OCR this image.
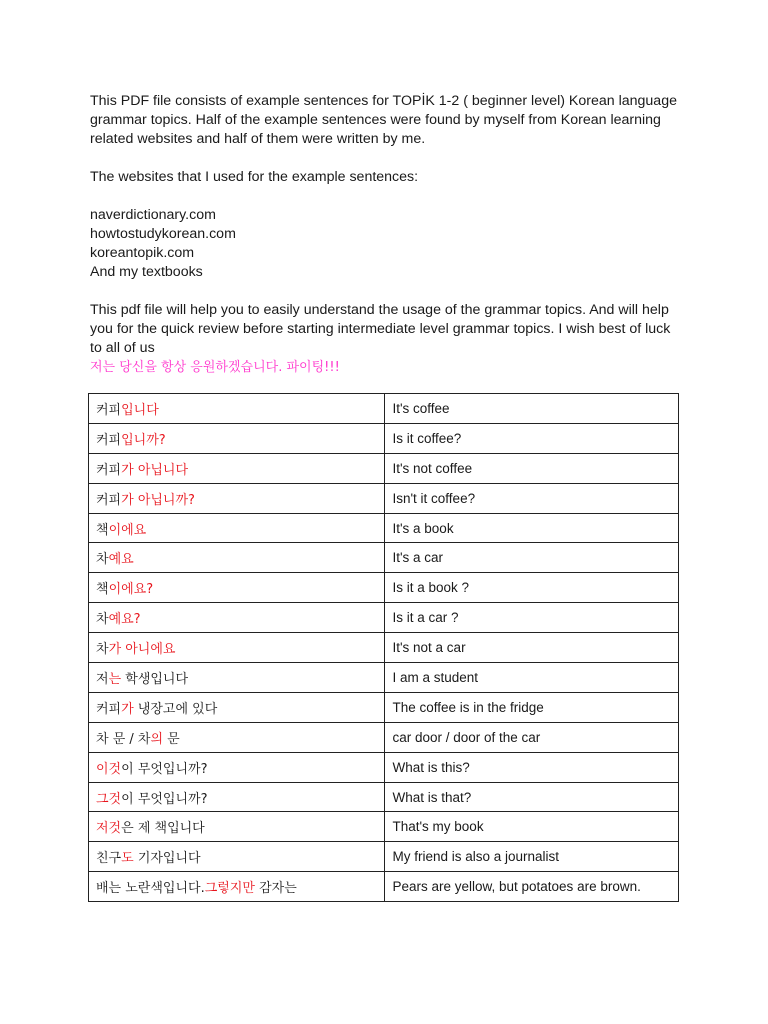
This PDF file consists of example sentences for TOPİK 1-2 ( beginner level) Korean language grammar topics. Half of the example sentences were found by myself from Korean learning related websites and half of them were written by me.

The websites that I used for the example sentences:

naverdictionary.com
howtostudykorean.com
koreantopik.com
And my textbooks

This pdf file will help you to easily understand the usage of the grammar topics. And will help you for the quick review before starting intermediate level grammar topics. I wish best of luck to all of us

저는 당신을 항상 응원하겠습니다. 파이팅!!!

커피입니다	It's coffee
커피입니까?	Is it coffee?
커피가 아닙니다	It's not coffee
커피가 아닙니까?	Isn't it coffee?
책이에요	It's a book
차예요	It's a car
책이에요?	Is it a book ?
차예요?	Is it a car ?
차가 아니에요	It's not a car
저는 학생입니다	I am a student
커피가 냉장고에 있다	The coffee is in the fridge
차 문 / 차의 문	car door / door of the car
이것이 무엇입니까?	What is this?
그것이 무엇입니까?	What is that?
저것은 제 책입니다	That's my book
친구도 기자입니다	My friend is also a journalist
배는 노란색입니다.그렇지만 감자는	Pears are yellow, but potatoes are brown.
